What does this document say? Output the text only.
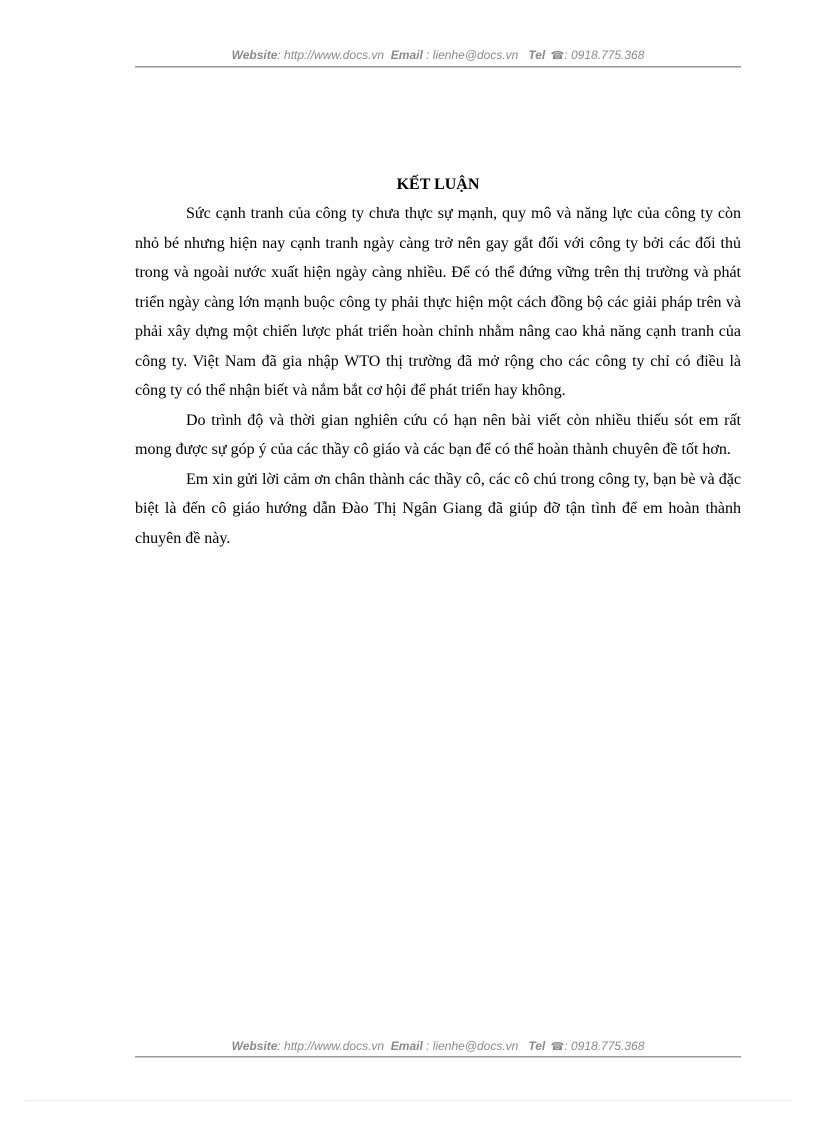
Website: http://www.docs.vn Email : lienhe@docs.vn Tel ☎: 0918.775.368
KẾT LUẬN

Sức cạnh tranh của công ty chưa thực sự mạnh, quy mô và năng lực của công ty còn nhỏ bé nhưng hiện nay cạnh tranh ngày càng trở nên gay gắt đối với công ty bởi các đối thủ trong và ngoài nước xuất hiện ngày càng nhiều. Để có thể đứng vững trên thị trường và phát triển ngày càng lớn mạnh buộc công ty phải thực hiện một cách đồng bộ các giải pháp trên và phải xây dựng một chiến lược phát triển hoàn chỉnh nhằm nâng cao khả năng cạnh tranh của công ty. Việt Nam đã gia nhập WTO thị trường đã mở rộng cho các công ty chỉ có điều là công ty có thể nhận biết và nắm bắt cơ hội để phát triển hay không.

Do trình độ và thời gian nghiên cứu có hạn nên bài viết còn nhiều thiếu sót em rất mong được sự góp ý của các thầy cô giáo và các bạn để có thể hoàn thành chuyên đề tốt hơn.

Em xin gửi lời cảm ơn chân thành các thầy cô, các cô chú trong công ty, bạn bè và đặc biệt là đến cô giáo hướng dẫn Đào Thị Ngân Giang đã giúp đỡ tận tình để em hoàn thành chuyên đề này.

Website: http://www.docs.vn Email : lienhe@docs.vn Tel ☎: 0918.775.368
